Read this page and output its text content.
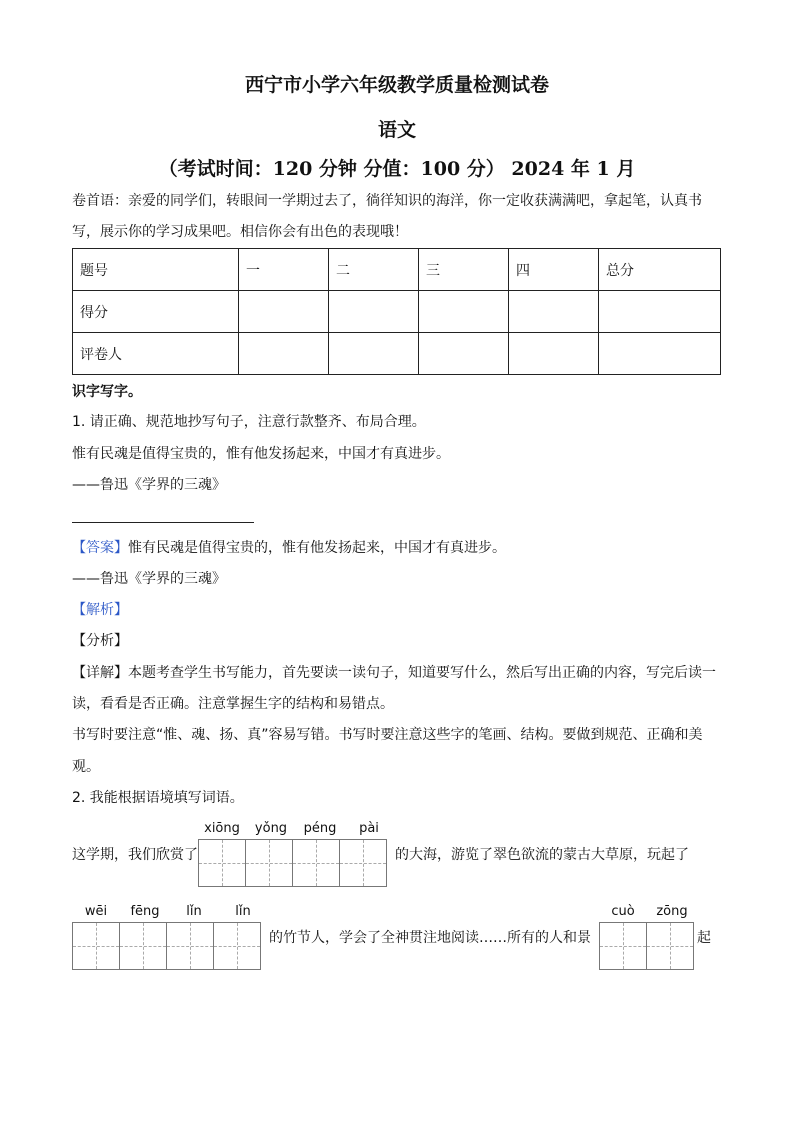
西宁市小学六年级教学质量检测试卷
语文
（考试时间：120 分钟 分值：100 分） 2024 年 1 月
卷首语：亲爱的同学们，转眼间一学期过去了，徜徉知识的海洋，你一定收获满满吧，拿起笔，认真书
写，展示你的学习成果吧。相信你会有出色的表现哦！
题号	一	二	三	四	总分
得分					
评卷人					
识字写字。
1. 请正确、规范地抄写句子，注意行款整齐、布局合理。
惟有民魂是值得宝贵的，惟有他发扬起来，中国才有真进步。
——鲁迅《学界的三魂》
【答案】惟有民魂是值得宝贵的，惟有他发扬起来，中国才有真进步。
——鲁迅《学界的三魂》
【解析】
【分析】
【详解】本题考查学生书写能力，首先要读一读句子，知道要写什么，然后写出正确的内容，写完后读一
读，看看是否正确。注意掌握生字的结构和易错点。
书写时要注意“惟、魂、扬、真”容易写错。书写时要注意这些字的笔画、结构。要做到规范、正确和美
观。
2. 我能根据语境填写词语。
xiōng	yǒng	péng	pài
这学期，我们欣赏了	的大海，游览了翠色欲流的蒙古大草原，玩起了
wēi	fēng	lǐn	lǐn
的竹节人，学会了全神贯注地阅读……所有的人和景
cuò	zōng
起
